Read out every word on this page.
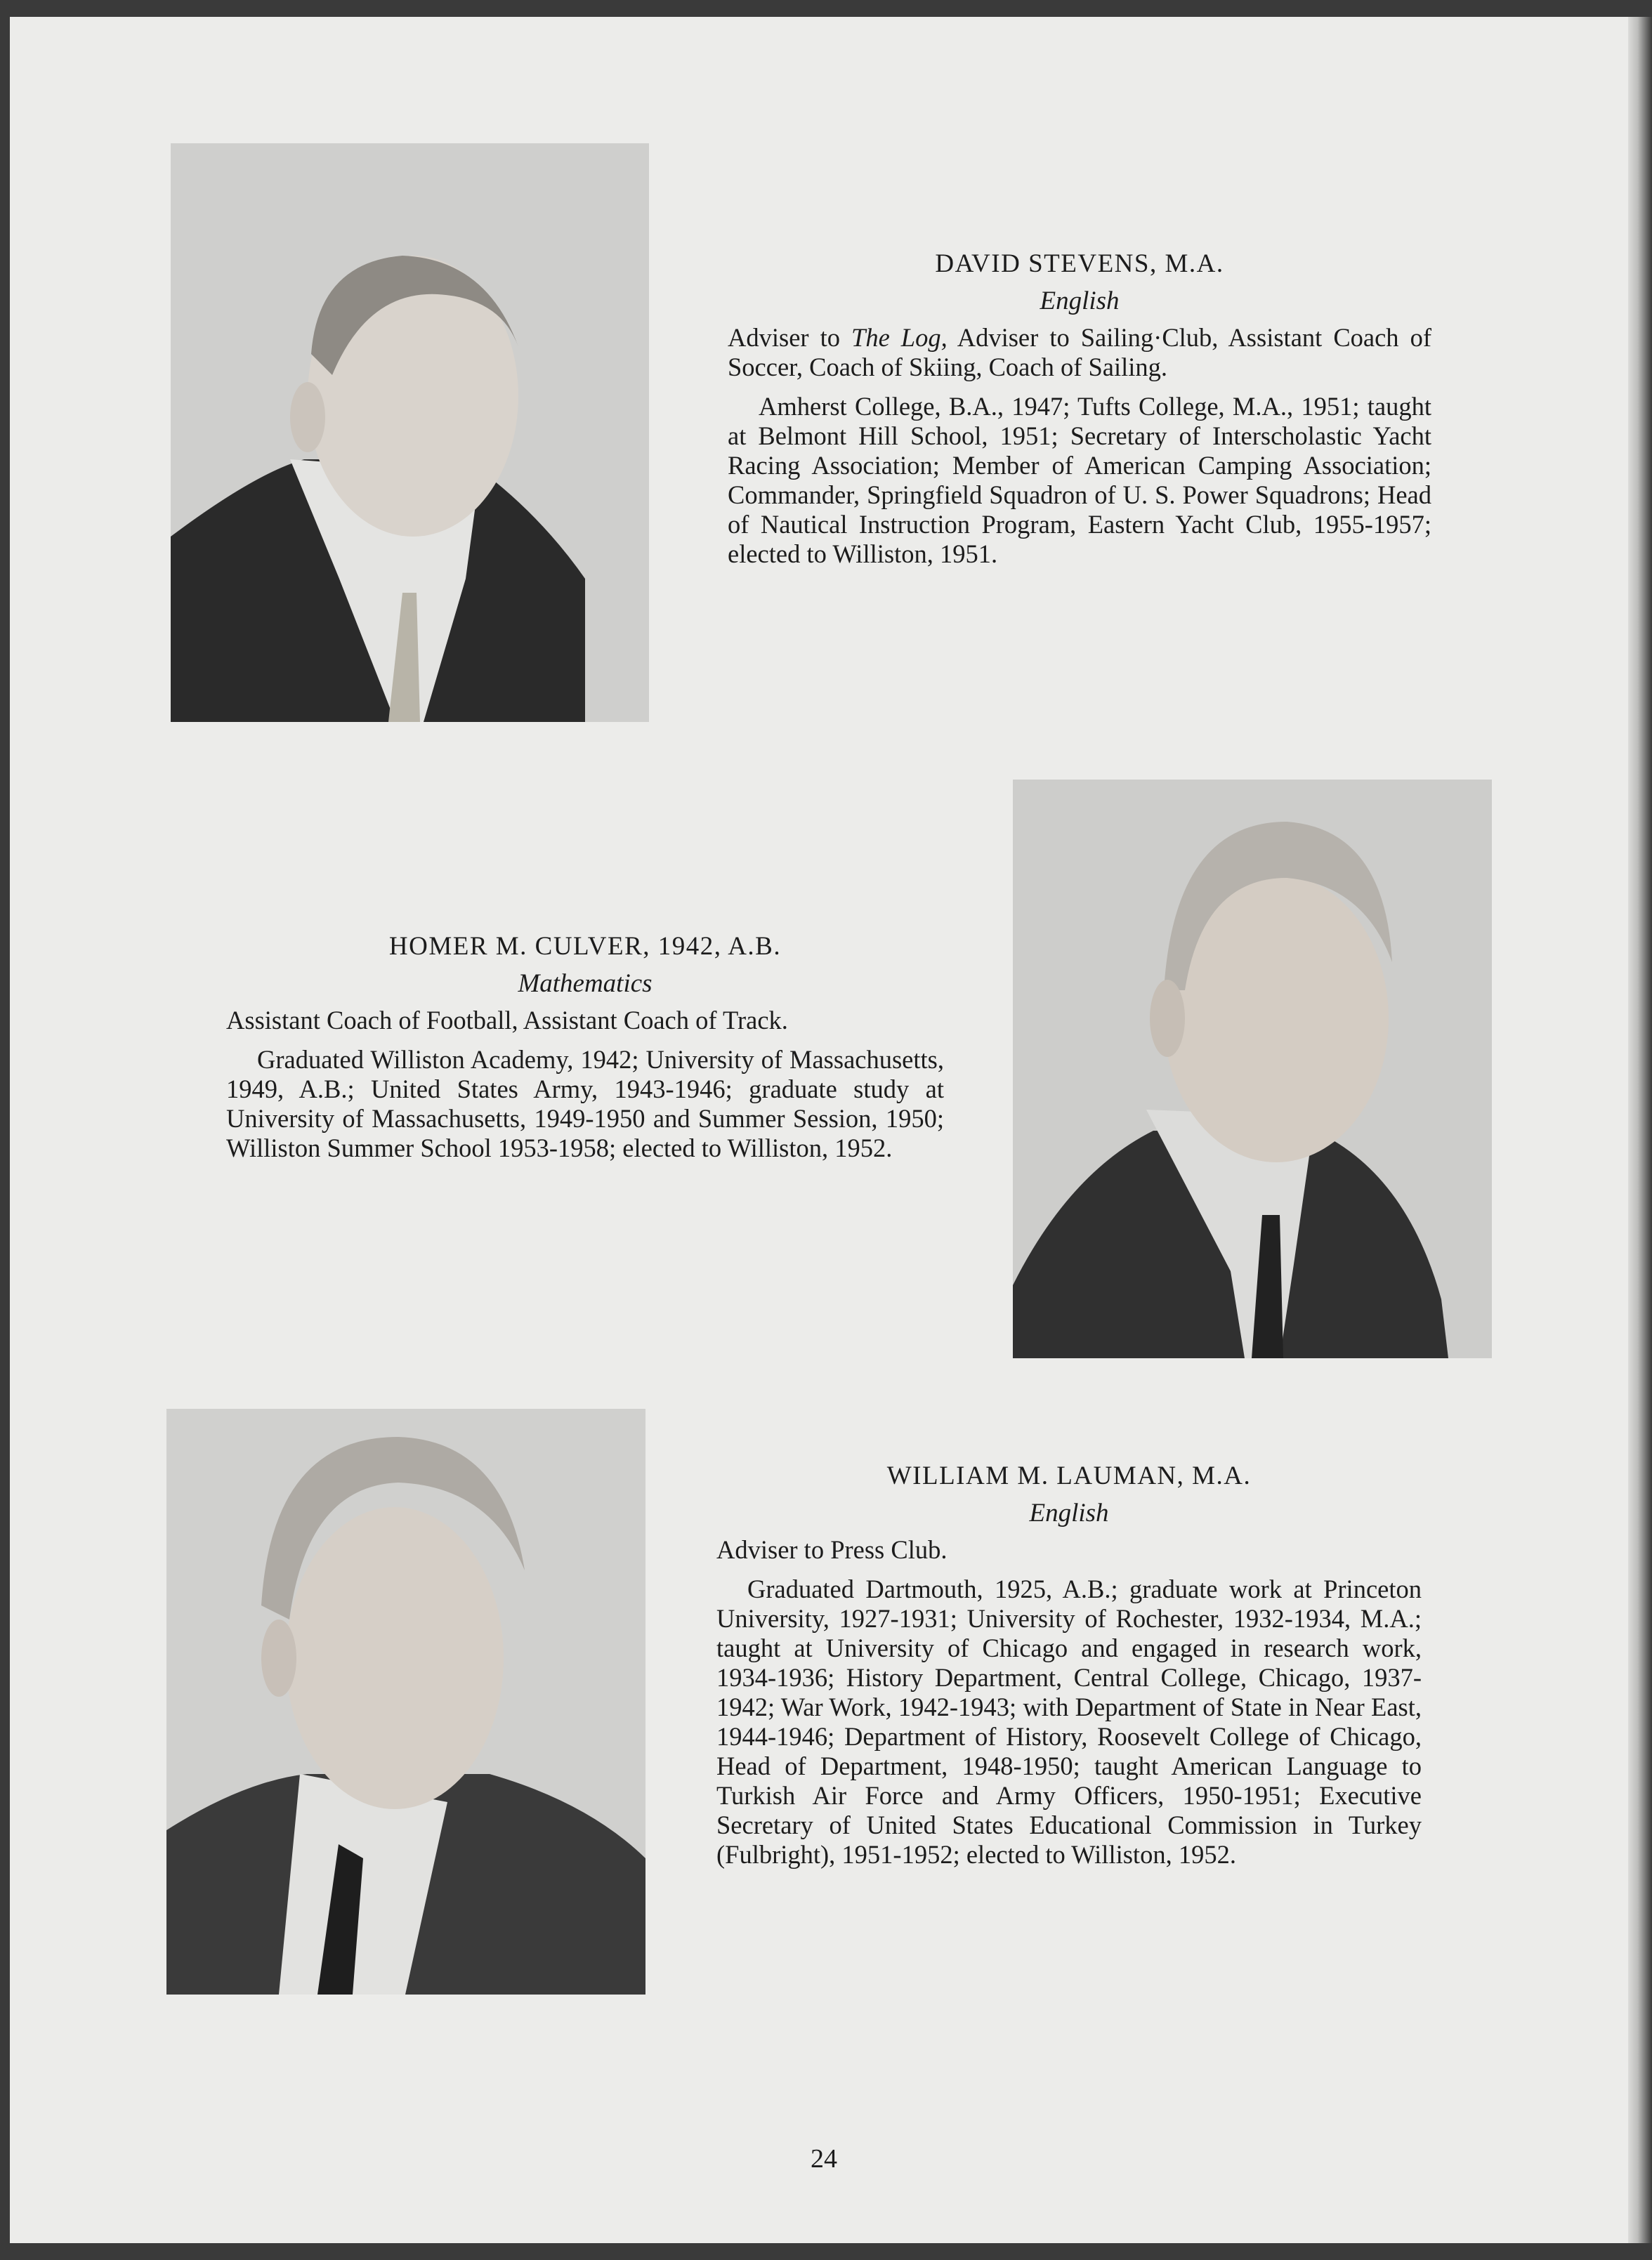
DAVID STEVENS, M.A.
English

Adviser to The Log, Adviser to Sailing·Club, Assistant Coach of Soccer, Coach of Skiing, Coach of Sailing.

Amherst College, B.A., 1947; Tufts College, M.A., 1951; taught at Belmont Hill School, 1951; Secretary of Interscholastic Yacht Racing Association; Member of American Camping Association; Commander, Springfield Squadron of U. S. Power Squadrons; Head of Nautical Instruction Program, Eastern Yacht Club, 1955-1957; elected to Williston, 1951.

HOMER M. CULVER, 1942, A.B.
Mathematics

Assistant Coach of Football, Assistant Coach of Track.

Graduated Williston Academy, 1942; University of Massachusetts, 1949, A.B.; United States Army, 1943-1946; graduate study at University of Massachusetts, 1949-1950 and Summer Session, 1950; Williston Summer School 1953-1958; elected to Williston, 1952.

WILLIAM M. LAUMAN, M.A.
English

Adviser to Press Club.

Graduated Dartmouth, 1925, A.B.; graduate work at Princeton University, 1927-1931; University of Rochester, 1932-1934, M.A.; taught at University of Chicago and engaged in research work, 1934-1936; History Department, Central College, Chicago, 1937-1942; War Work, 1942-1943; with Department of State in Near East, 1944-1946; Department of History, Roosevelt College of Chicago, Head of Department, 1948-1950; taught American Language to Turkish Air Force and Army Officers, 1950-1951; Executive Secretary of United States Educational Commission in Turkey (Fulbright), 1951-1952; elected to Williston, 1952.

24
